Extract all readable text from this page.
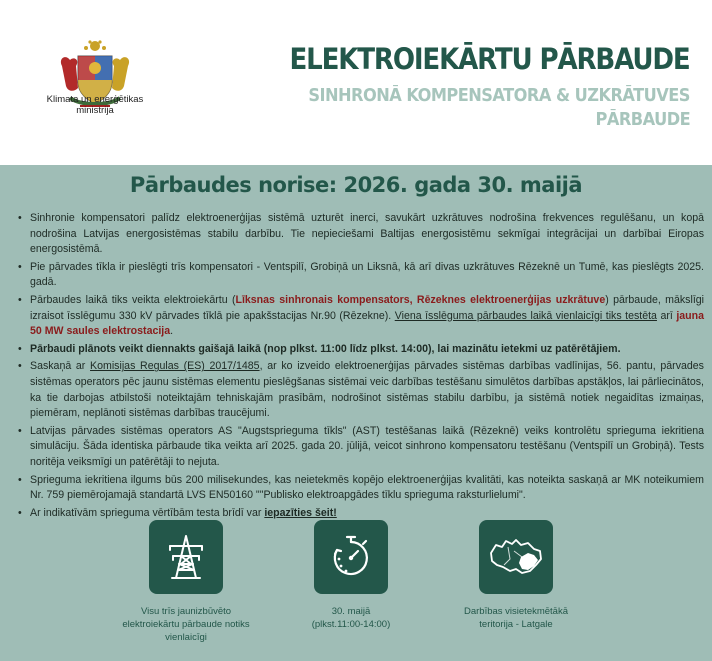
Klimata un enerģētikas
ministrija
ELEKTROIEKĀRTU PĀRBAUDE
SINHRONĀ KOMPENSATORA & UZKRĀTUVES
PĀRBAUDE
Pārbaudes norise: 2026. gada 30. maijā
• Sinhronie kompensatori palīdz elektroenerģijas sistēmā uzturēt inerci, savukārt uzkrātuves nodrošina frekvences regulēšanu, un kopā nodrošina Latvijas energosistēmas stabilu darbību. Tie nepieciešami Baltijas energosistēmu sekmīgai integrācijai un darbībai Eiropas energosistēmā.
• Pie pārvades tīkla ir pieslēgti trīs kompensatori - Ventspilī, Grobiņā un Liksnā, kā arī divas uzkrātuves Rēzeknē un Tumē, kas pieslēgts 2025. gadā.
• Pārbaudes laikā tiks veikta elektroiekārtu (Līksnas sinhronais kompensators, Rēzeknes elektroenerģijas uzkrātuve) pārbaude, mākslīgi izraisot īsslēgumu 330 kV pārvades tīklā pie apakšstacijas Nr.90 (Rēzekne). Viena īsslēguma pārbaudes laikā vienlaicīgi tiks testēta arī jauna 50 MW saules elektrostacija.
• Pārbaudi plānots veikt diennakts gaišajā laikā (nop plkst. 11:00 līdz plkst. 14:00), lai mazinātu ietekmi uz patērētājiem.
• Saskaņā ar Komisijas Regulas (ES) 2017/1485, ar ko izveido elektroenerģijas pārvades sistēmas darbības vadlīnijas, 56. pantu, pārvades sistēmas operators pēc jaunu sistēmas elementu pieslēgšanas sistēmai veic darbības testēšanu simulētos darbības apstākļos, lai pārliecinātos, ka tie darbojas atbilstoši noteiktajām tehniskajām prasībām, nodrošinot sistēmas stabilu darbību, ja sistēmā notiek negaidītas izmaiņas, piemēram, neplānoti sistēmas darbības traucējumi.
• Latvijas pārvades sistēmas operators AS "Augstsprieguma tīkls" (AST) testēšanas laikā (Rēzeknē) veiks kontrolētu sprieguma iekritiena simulāciju. Šāda identiska pārbaude tika veikta arī 2025. gada 20. jūlijā, veicot sinhrono kompensatoru testēšanu (Ventspilī un Grobiņā). Tests noritēja veiksmīgi un patērētāji to nejuta.
• Sprieguma iekritiena ilgums būs 200 milisekundes, kas neietekmēs kopējo elektroenerģijas kvalitāti, kas noteikta saskaņā ar MK noteikumiem Nr. 759 piemērojamajā standartā LVS EN50160 ""Publisko elektroapgādes tīklu sprieguma raksturlielumi".
• Ar indikatīvām sprieguma vērtībām testa brīdī var iepazīties šeit!
Visu trīs jaunizbūvēto
elektroiekārtu pārbaude notiks
vienlaicīgi
30. maijā
(plkst.11:00-14:00)
Darbības visietekmētākā
teritorija - Latgale
